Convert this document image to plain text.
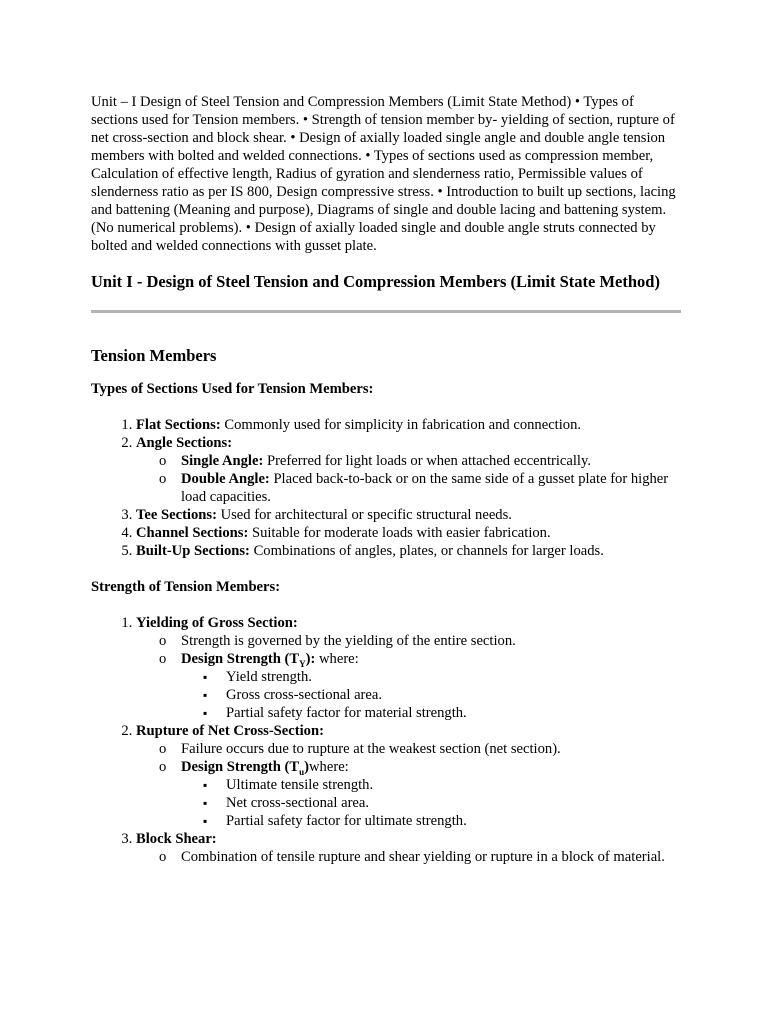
Unit – I Design of Steel Tension and Compression Members (Limit State Method) • Types of sections used for Tension members. • Strength of tension member by- yielding of section, rupture of net cross-section and block shear. • Design of axially loaded single angle and double angle tension members with bolted and welded connections. • Types of sections used as compression member, Calculation of effective length, Radius of gyration and slenderness ratio, Permissible values of slenderness ratio as per IS 800, Design compressive stress. • Introduction to built up sections, lacing and battening (Meaning and purpose), Diagrams of single and double lacing and battening system. (No numerical problems). • Design of axially loaded single and double angle struts connected by bolted and welded connections with gusset plate.

Unit I - Design of Steel Tension and Compression Members (Limit State Method)
Tension Members
Types of Sections Used for Tension Members:
1. Flat Sections: Commonly used for simplicity in fabrication and connection.
2. Angle Sections:
o Single Angle: Preferred for light loads or when attached eccentrically.
o Double Angle: Placed back-to-back or on the same side of a gusset plate for higher load capacities.
3. Tee Sections: Used for architectural or specific structural needs.
4. Channel Sections: Suitable for moderate loads with easier fabrication.
5. Built-Up Sections: Combinations of angles, plates, or channels for larger loads.
Strength of Tension Members:
1. Yielding of Gross Section:
o Strength is governed by the yielding of the entire section.
o Design Strength $(T_Y)$: where:
▪ Yield strength.
▪ Gross cross-sectional area.
▪ Partial safety factor for material strength.
2. Rupture of Net Cross-Section:
o Failure occurs due to rupture at the weakest section (net section).
o Design Strength $(T_u)where$:
▪ Ultimate tensile strength.
▪ Net cross-sectional area.
▪ Partial safety factor for ultimate strength.
3. Block Shear:
o Combination of tensile rupture and shear yielding or rupture in a block of material.
